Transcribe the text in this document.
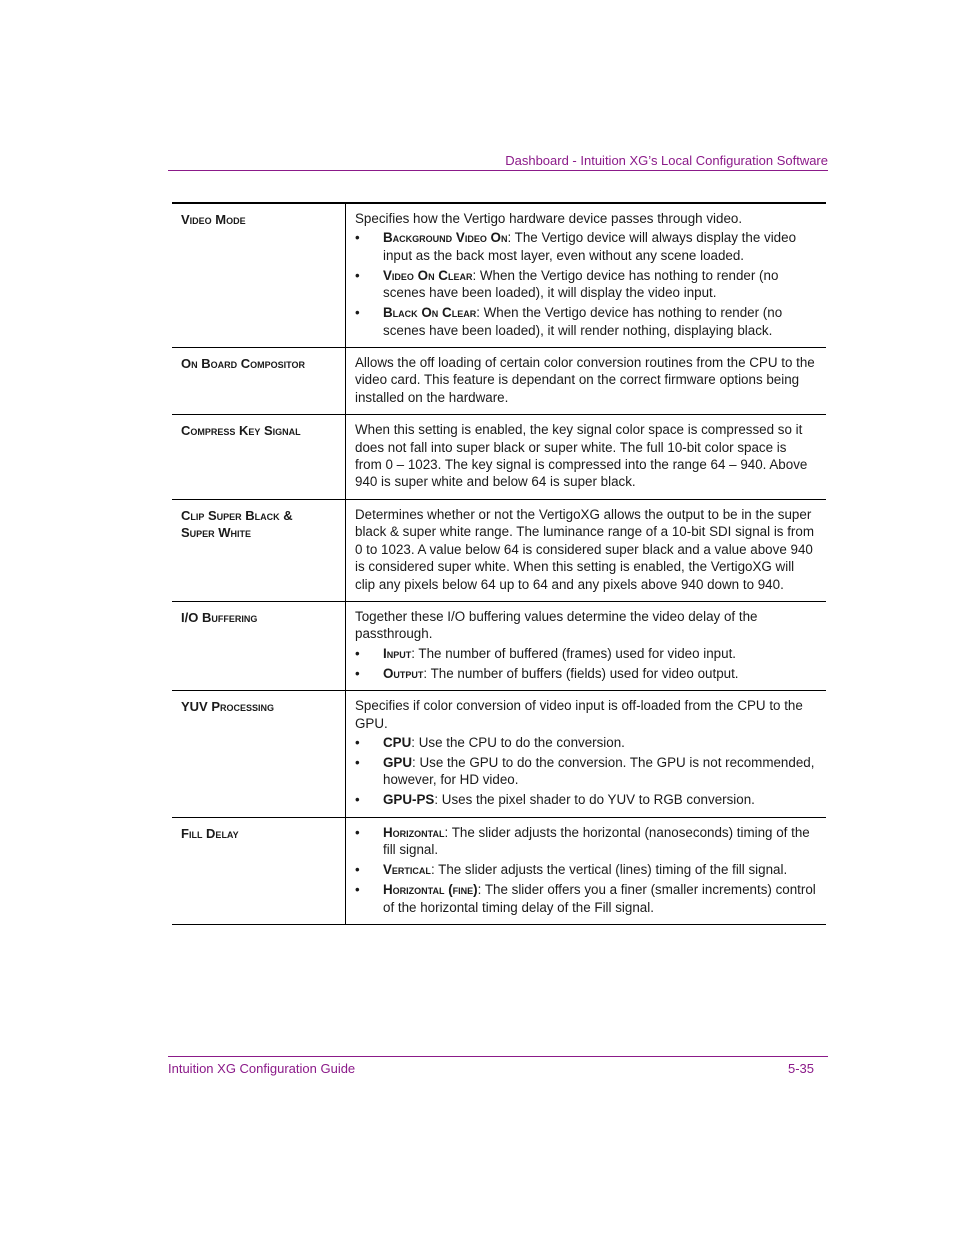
Dashboard - Intuition XG’s Local Configuration Software
Video Mode	Specifies how the Vertigo hardware device passes through video.

• Background Video On: The Vertigo device will always display the video input as the back most layer, even without any scene loaded.
• Video On Clear: When the Vertigo device has nothing to render (no scenes have been loaded), it will display the video input.
• Black On Clear: When the Vertigo device has nothing to render (no scenes have been loaded), it will render nothing, displaying black.
On Board Compositor	Allows the off loading of certain color conversion routines from the CPU to the video card. This feature is dependant on the correct firmware options being installed on the hardware.

Compress Key Signal	When this setting is enabled, the key signal color space is compressed so it does not fall into super black or super white. The full 10-bit color space is from 0 – 1023. The key signal is compressed into the range 64 – 940. Above 940 is super white and below 64 is super black.

Clip Super Black & Super White

Determines whether or not the VertigoXG allows the output to be in the super black & super white range. The luminance range of a 10-bit SDI signal is from 0 to 1023. A value below 64 is considered super black and a value above 940 is considered super white. When this setting is enabled, the VertigoXG will clip any pixels below 64 up to 64 and any pixels above 940 down to 940.

I/O Buffering	Together these I/O buffering values determine the video delay of the passthrough.

• Input: The number of buffered (frames) used for video input.
• Output: The number of buffers (fields) used for video output.
YUV Processing	Specifies if color conversion of video input is off-loaded from the CPU to the GPU.

• CPU: Use the CPU to do the conversion.
• GPU: Use the GPU to do the conversion. The GPU is not recommended, however, for HD video.
• GPU-PS: Uses the pixel shader to do YUV to RGB conversion.
Fill Delay
•	Horizontal: The slider adjusts the horizontal (nanoseconds) timing of the fill signal.
• Vertical: The slider adjusts the vertical (lines) timing of the fill signal.
• Horizontal (fine): The slider offers you a finer (smaller increments) control of the horizontal timing delay of the Fill signal.
Intuition XG Configuration Guide	5-35
